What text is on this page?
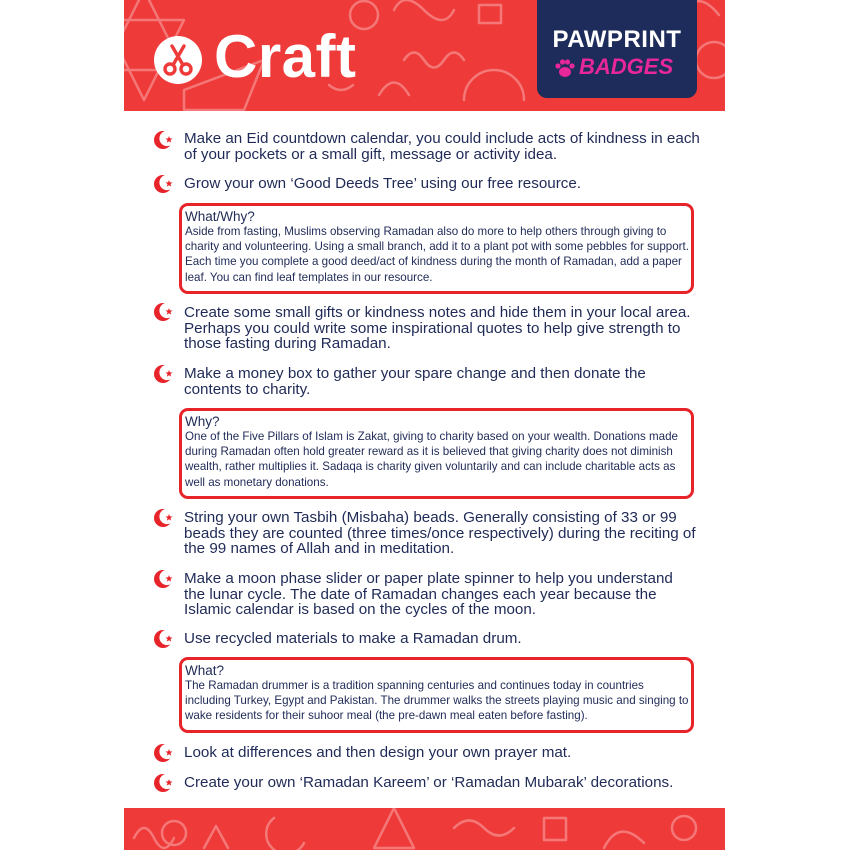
Craft	PAWPRINT
BADGES
Make an Eid countdown calendar, you could include acts of kindness in each of your pockets or a small gift, message or activity idea.
Grow your own ‘Good Deeds Tree’ using our free resource.
What/Why?
Aside from fasting, Muslims observing Ramadan also do more to help others through giving to charity and volunteering. Using a small branch, add it to a plant pot with some pebbles for support. Each time you complete a good deed/act of kindness during the month of Ramadan, add a paper leaf. You can find leaf templates in our resource.
Create some small gifts or kindness notes and hide them in your local area. Perhaps you could write some inspirational quotes to help give strength to those fasting during Ramadan.
Make a money box to gather your spare change and then donate the contents to charity.
Why?
One of the Five Pillars of Islam is Zakat, giving to charity based on your wealth. Donations made during Ramadan often hold greater reward as it is believed that giving charity does not diminish wealth, rather multiplies it. Sadaqa is charity given voluntarily and can include charitable acts as well as monetary donations.
String your own Tasbih (Misbaha) beads. Generally consisting of 33 or 99 beads they are counted (three times/once respectively) during the reciting of the 99 names of Allah and in meditation.
Make a moon phase slider or paper plate spinner to help you understand the lunar cycle. The date of Ramadan changes each year because the Islamic calendar is based on the cycles of the moon.
Use recycled materials to make a Ramadan drum.
What?
The Ramadan drummer is a tradition spanning centuries and continues today in countries including Turkey, Egypt and Pakistan. The drummer walks the streets playing music and singing to wake residents for their suhoor meal (the pre-dawn meal eaten before fasting).
Look at differences and then design your own prayer mat.
Create your own ‘Ramadan Kareem’ or ‘Ramadan Mubarak’ decorations.
